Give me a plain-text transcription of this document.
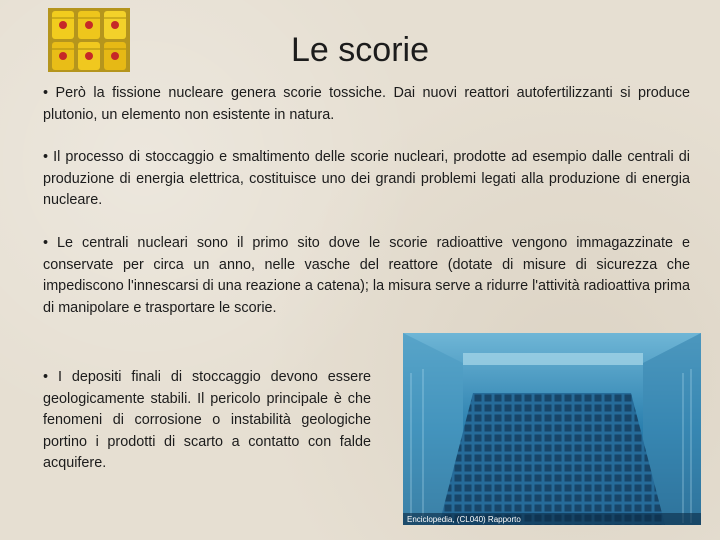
Le scorie

• Però la fissione nucleare genera scorie tossiche. Dai nuovi reattori autofertilizzanti si produce plutonio, un elemento non esistente in natura.

• Il processo di stoccaggio e smaltimento delle scorie nucleari, prodotte ad esempio dalle centrali di produzione di energia elettrica, costituisce uno dei grandi problemi legati alla produzione di energia nucleare.

• Le centrali nucleari sono il primo sito dove le scorie radioattive vengono immagazzinate e conservate per circa un anno, nelle vasche del reattore (dotate di misure di sicurezza che impediscono l'innescarsi di una reazione a catena); la misura serve a ridurre l'attività radioattiva prima di manipolare e trasportare le scorie.

• I depositi finali di stoccaggio devono essere geologicamente stabili. Il pericolo principale è che fenomeni di corrosione o instabilità geologiche portino i prodotti di scarto a contatto con falde acquifere.

Enciclopedia, (CL040) Rapporto
